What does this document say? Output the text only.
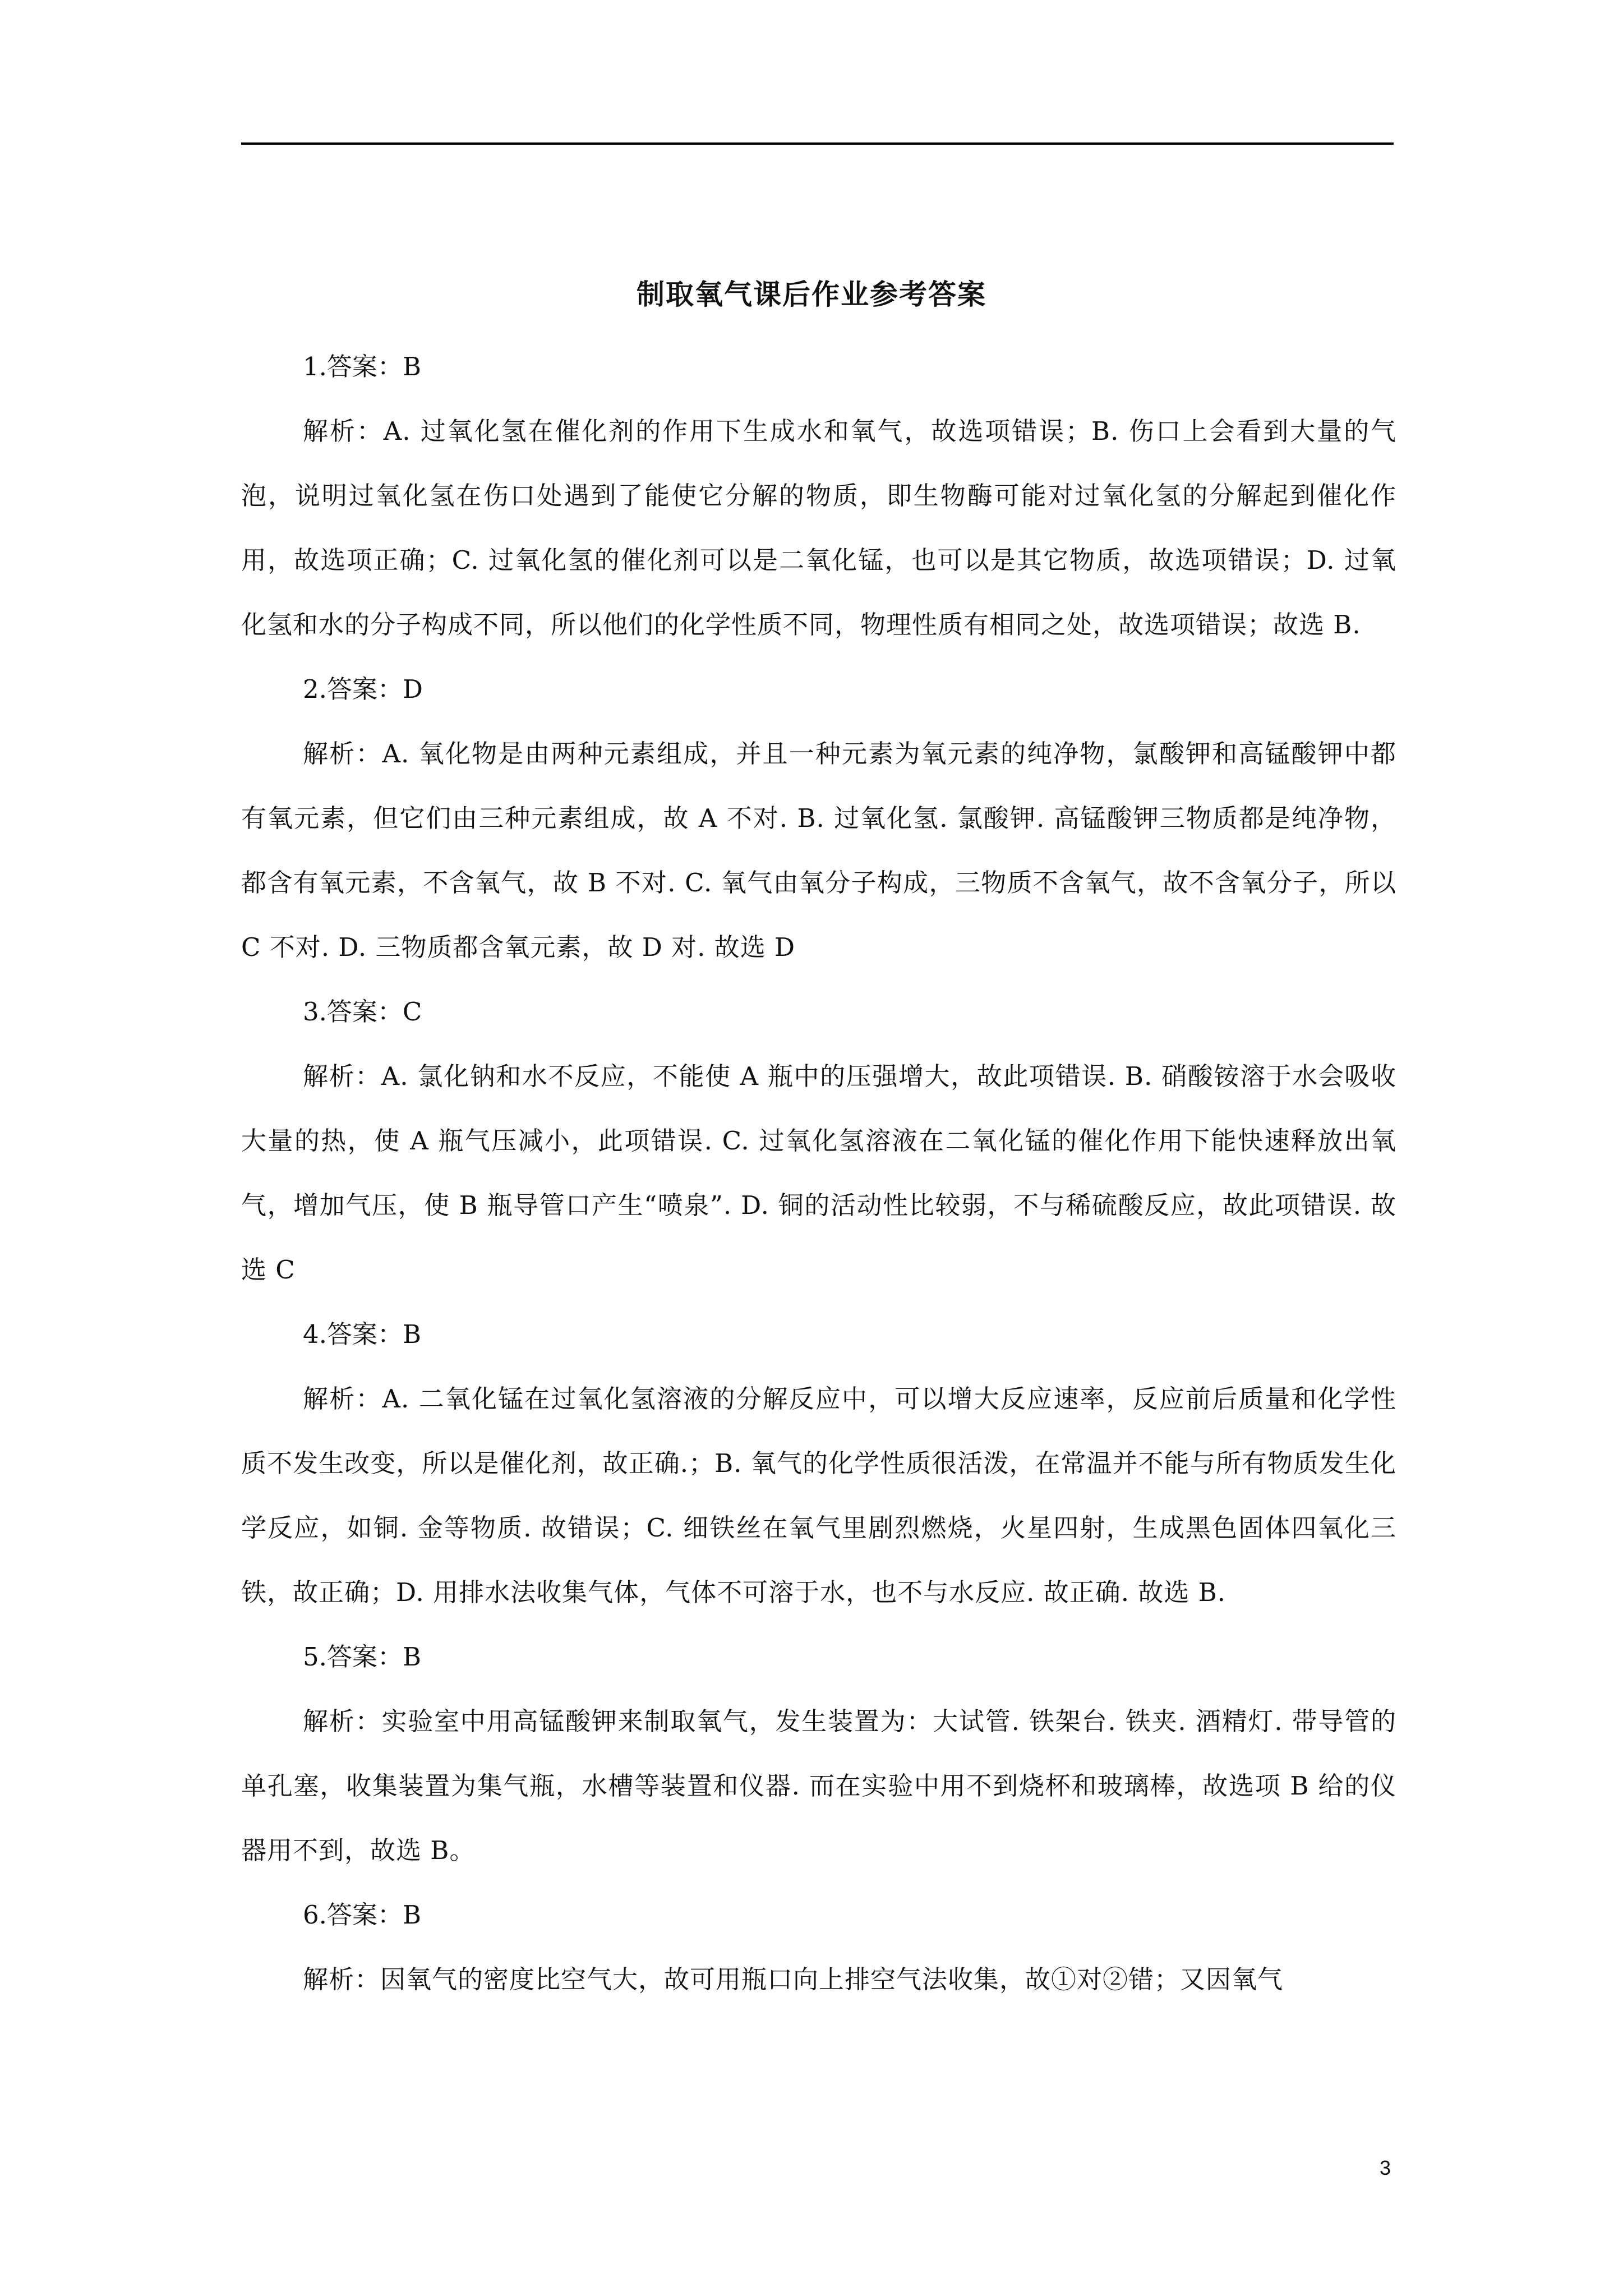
制取氧气课后作业参考答案
1.答案：B

解析：A. 过氧化氢在催化剂的作用下生成水和氧气，故选项错误；B. 伤口上会看到大量的气泡，说明过氧化氢在伤口处遇到了能使它分解的物质，即生物酶可能对过氧化氢的分解起到催化作用，故选项正确；C. 过氧化氢的催化剂可以是二氧化锰，也可以是其它物质，故选项错误；D. 过氧化氢和水的分子构成不同，所以他们的化学性质不同，物理性质有相同之处，故选项错误；故选 B.

2.答案：D

解析：A. 氧化物是由两种元素组成，并且一种元素为氧元素的纯净物，氯酸钾和高锰酸钾中都有氧元素，但它们由三种元素组成，故 A 不对. B. 过氧化氢. 氯酸钾. 高锰酸钾三物质都是纯净物，都含有氧元素，不含氧气，故 B 不对. C. 氧气由氧分子构成，三物质不含氧气，故不含氧分子，所以 C 不对. D. 三物质都含氧元素，故 D 对. 故选 D

3.答案：C

解析：A. 氯化钠和水不反应，不能使 A 瓶中的压强增大，故此项错误. B. 硝酸铵溶于水会吸收大量的热，使 A 瓶气压减小，此项错误. C. 过氧化氢溶液在二氧化锰的催化作用下能快速释放出氧气，增加气压，使 B 瓶导管口产生“喷泉”. D. 铜的活动性比较弱，不与稀硫酸反应，故此项错误. 故选 C

4.答案：B

解析：A. 二氧化锰在过氧化氢溶液的分解反应中，可以增大反应速率，反应前后质量和化学性质不发生改变，所以是催化剂，故正确.；B. 氧气的化学性质很活泼，在常温并不能与所有物质发生化学反应，如铜. 金等物质. 故错误；C. 细铁丝在氧气里剧烈燃烧，火星四射，生成黑色固体四氧化三铁，故正确；D. 用排水法收集气体，气体不可溶于水，也不与水反应. 故正确. 故选 B.

5.答案：B

解析：实验室中用高锰酸钾来制取氧气，发生装置为：大试管. 铁架台. 铁夹. 酒精灯. 带导管的单孔塞，收集装置为集气瓶，水槽等装置和仪器. 而在实验中用不到烧杯和玻璃棒，故选项 B 给的仪器用不到，故选 B。

6.答案：B

解析：因氧气的密度比空气大，故可用瓶口向上排空气法收集，故①对②错；又因氧气

3
